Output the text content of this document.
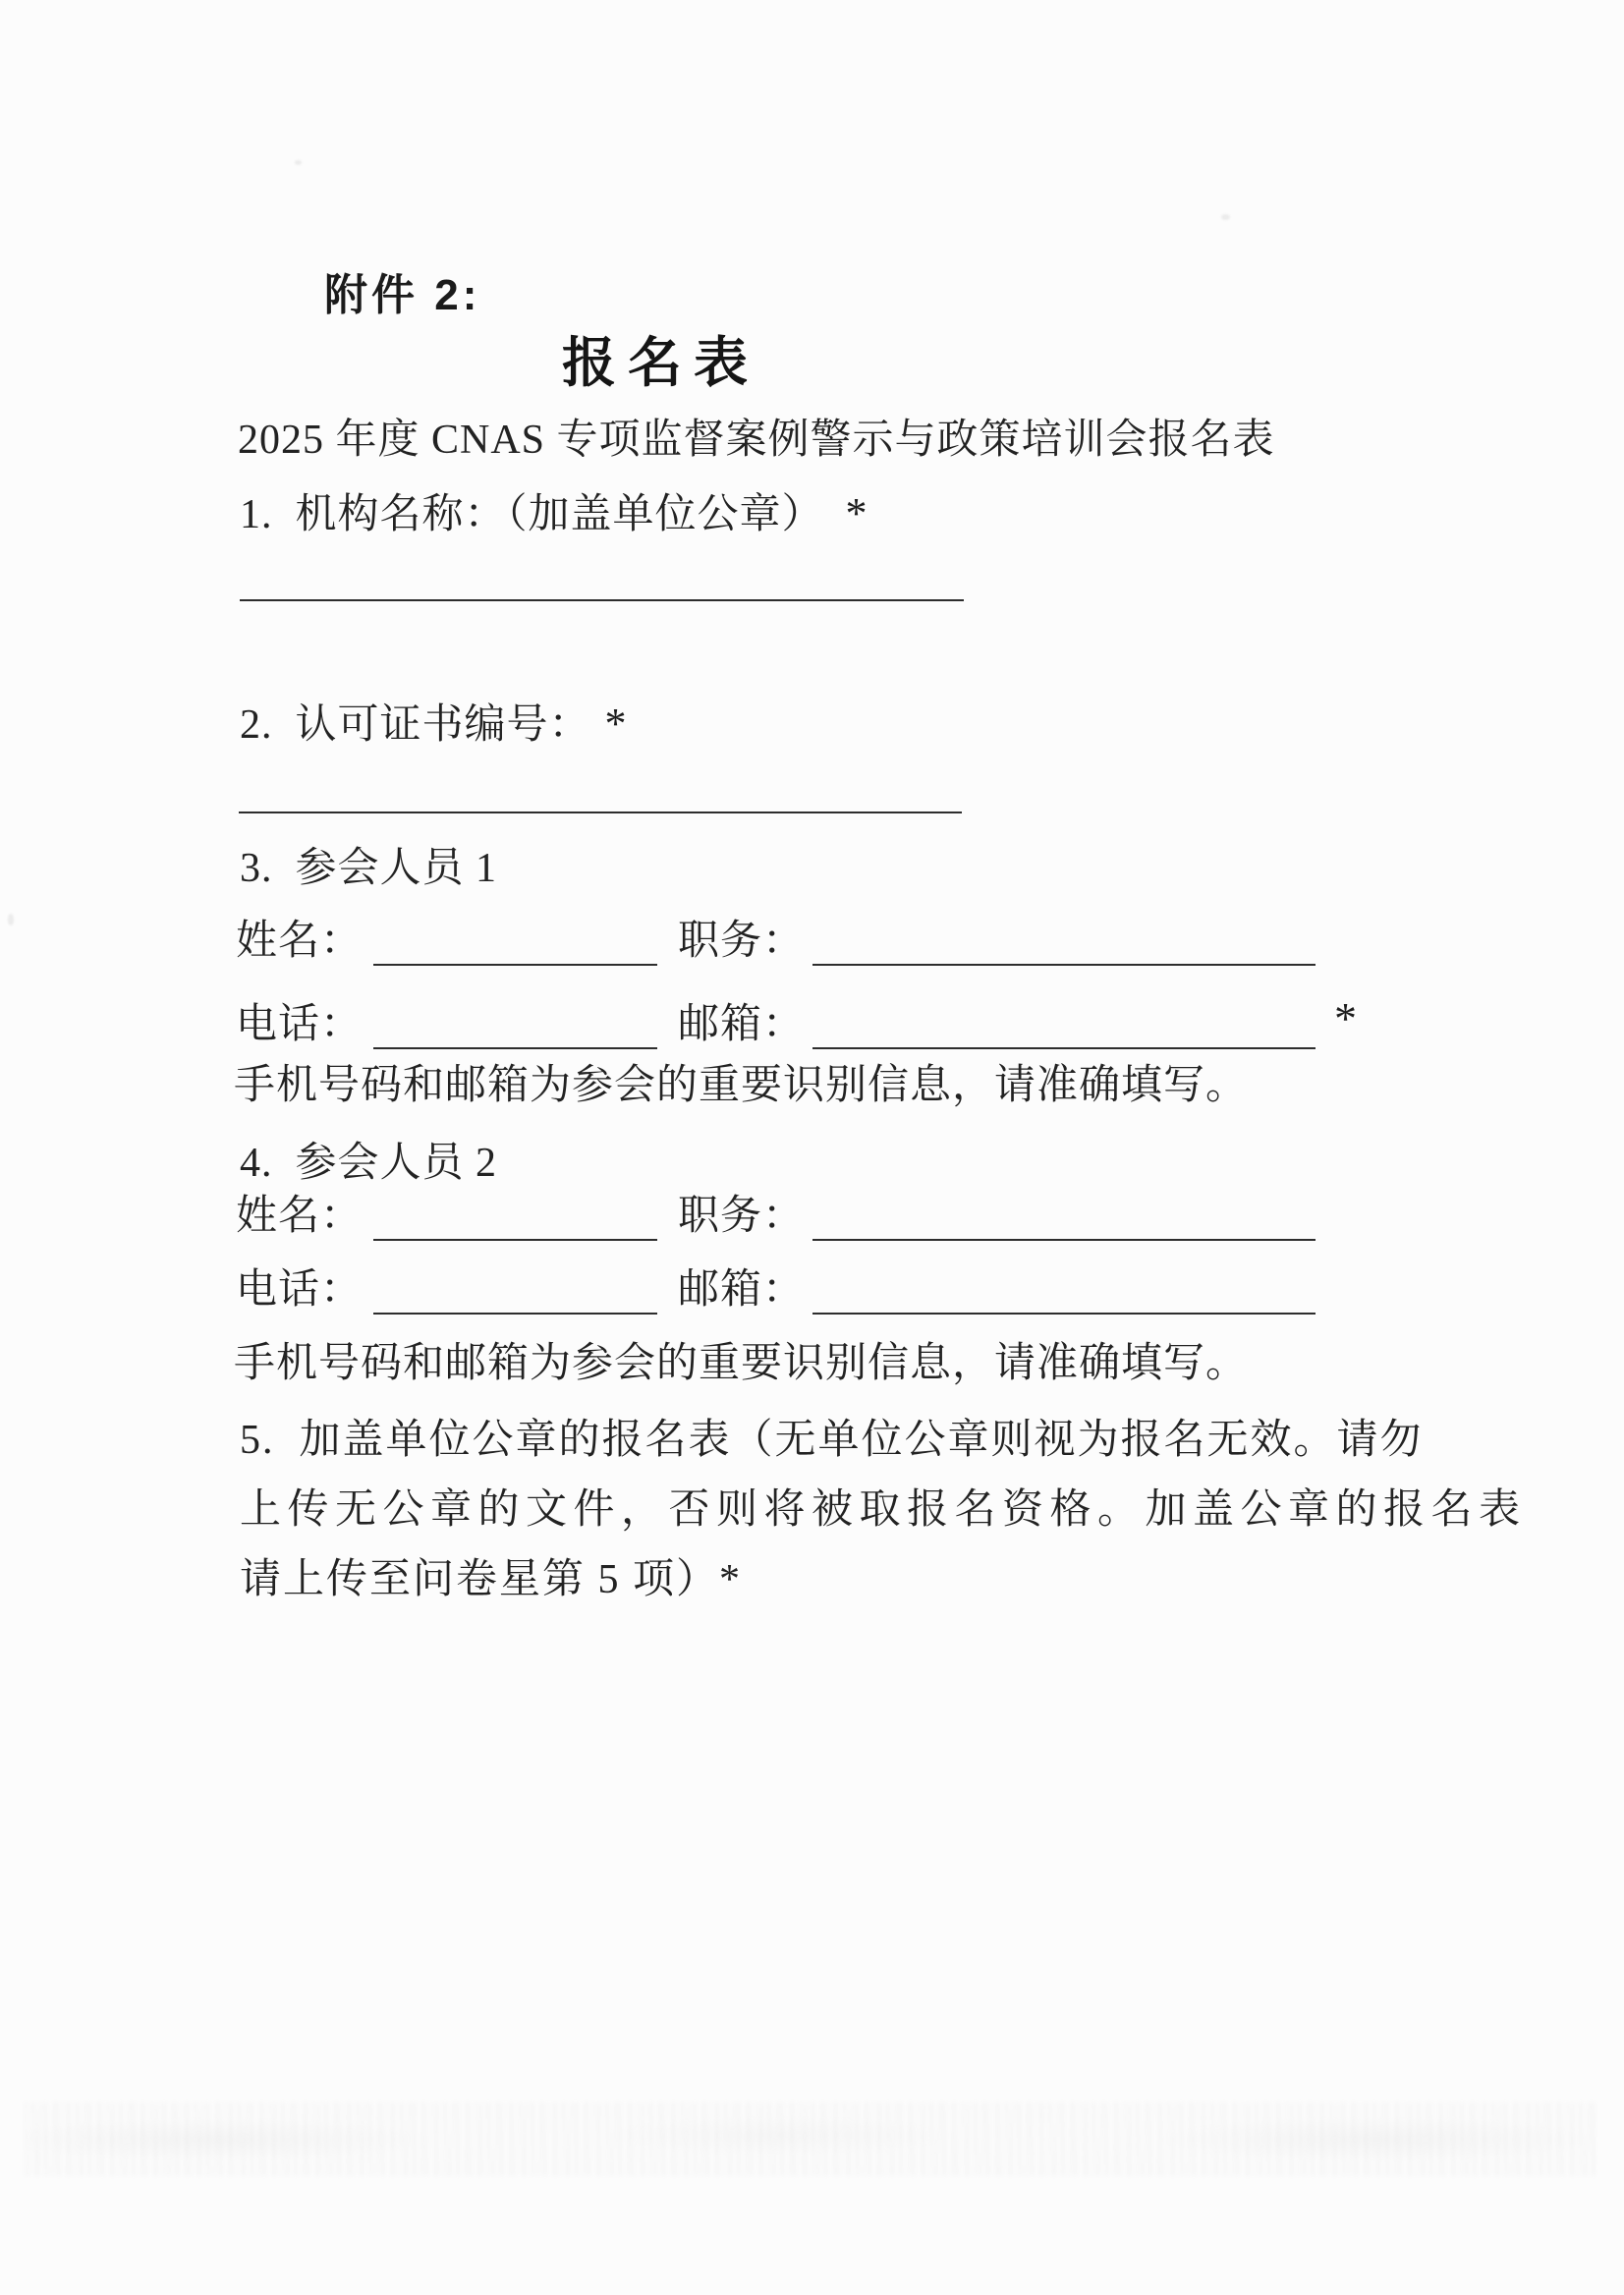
附件 2:
报名表
2025 年度 CNAS 专项监督案例警示与政策培训会报名表
1.  机构名称：（加盖单位公章） *
2.  认可证书编号： *
3.  参会人员 1
姓名：	职务：
电话：	邮箱：	*
手机号码和邮箱为参会的重要识别信息，请准确填写。
4.  参会人员 2
姓名：	职务：
电话：	邮箱：
手机号码和邮箱为参会的重要识别信息，请准确填写。
5.  加盖单位公章的报名表（无单位公章则视为报名无效。请勿
上传无公章的文件，否则将被取报名资格。加盖公章的报名表
请上传至问卷星第 5 项）*
